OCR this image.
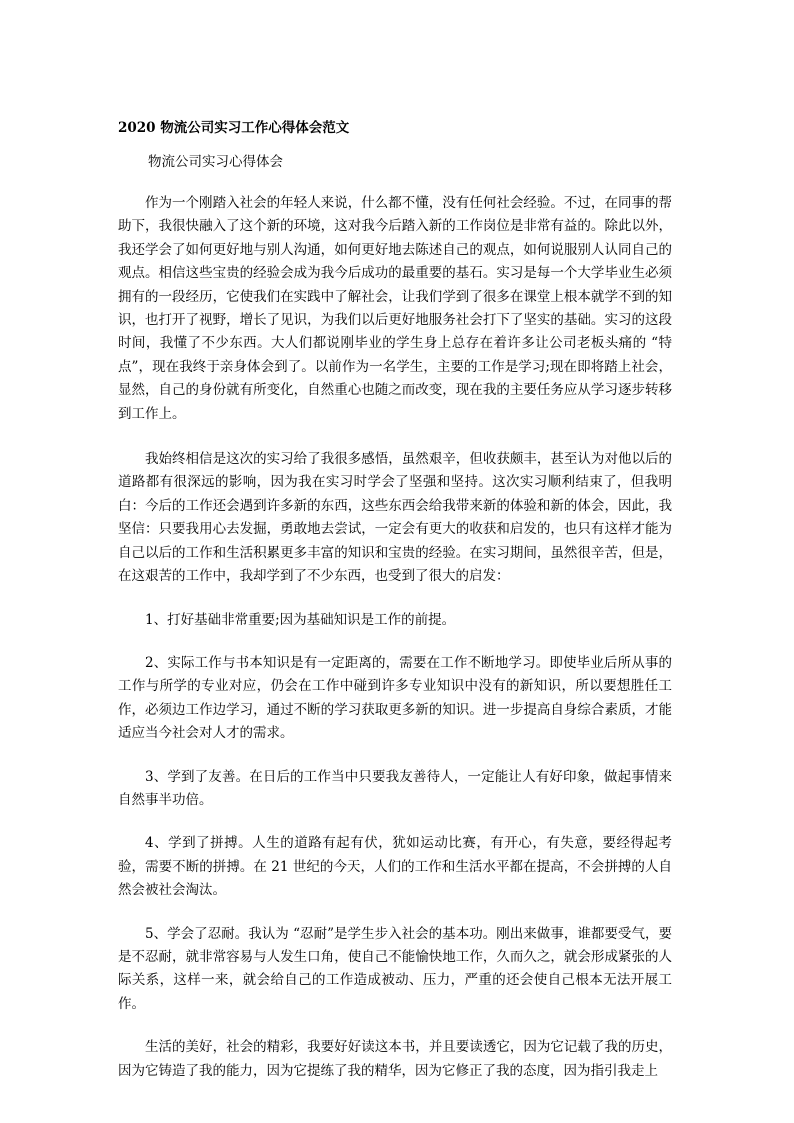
2020 物流公司实习工作心得体会范文
物流公司实习心得体会

作为一个刚踏入社会的年轻人来说，什么都不懂，没有任何社会经验。不过，在同事的帮助下，我很快融入了这个新的环境，这对我今后踏入新的工作岗位是非常有益的。除此以外，我还学会了如何更好地与别人沟通，如何更好地去陈述自己的观点，如何说服别人认同自己的观点。相信这些宝贵的经验会成为我今后成功的最重要的基石。实习是每一个大学毕业生必须拥有的一段经历，它使我们在实践中了解社会，让我们学到了很多在课堂上根本就学不到的知识，也打开了视野，增长了见识，为我们以后更好地服务社会打下了坚实的基础。实习的这段时间，我懂了不少东西。大人们都说刚毕业的学生身上总存在着许多让公司老板头痛的 “特点”，现在我终于亲身体会到了。以前作为一名学生，主要的工作是学习;现在即将踏上社会，显然，自己的身份就有所变化，自然重心也随之而改变，现在我的主要任务应从学习逐步转移到工作上。

我始终相信是这次的实习给了我很多感悟，虽然艰辛，但收获颇丰，甚至认为对他以后的道路都有很深远的影响，因为我在实习时学会了坚强和坚持。这次实习顺利结束了，但我明白：今后的工作还会遇到许多新的东西，这些东西会给我带来新的体验和新的体会，因此，我坚信：只要我用心去发掘，勇敢地去尝试，一定会有更大的收获和启发的，也只有这样才能为自己以后的工作和生活积累更多丰富的知识和宝贵的经验。在实习期间，虽然很辛苦，但是，在这艰苦的工作中，我却学到了不少东西，也受到了很大的启发：

1、打好基础非常重要;因为基础知识是工作的前提。

2、实际工作与书本知识是有一定距离的，需要在工作不断地学习。即使毕业后所从事的工作与所学的专业对应，仍会在工作中碰到许多专业知识中没有的新知识，所以要想胜任工作，必须边工作边学习，通过不断的学习获取更多新的知识。进一步提高自身综合素质，才能适应当今社会对人才的需求。

3、学到了友善。在日后的工作当中只要我友善待人，一定能让人有好印象，做起事情来自然事半功倍。

4、学到了拼搏。人生的道路有起有伏，犹如运动比赛，有开心，有失意，要经得起考验，需要不断的拼搏。在 21 世纪的今天，人们的工作和生活水平都在提高，不会拼搏的人自然会被社会淘汰。

5、学会了忍耐。我认为 “忍耐”是学生步入社会的基本功。刚出来做事，谁都要受气，要是不忍耐，就非常容易与人发生口角，使自己不能愉快地工作，久而久之，就会形成紧张的人际关系，这样一来，就会给自己的工作造成被动、压力，严重的还会使自己根本无法开展工作。

生活的美好，社会的精彩，我要好好读这本书，并且要读透它，因为它记载了我的历史，因为它铸造了我的能力，因为它提练了我的精华，因为它修正了我的态度，因为指引我走上
